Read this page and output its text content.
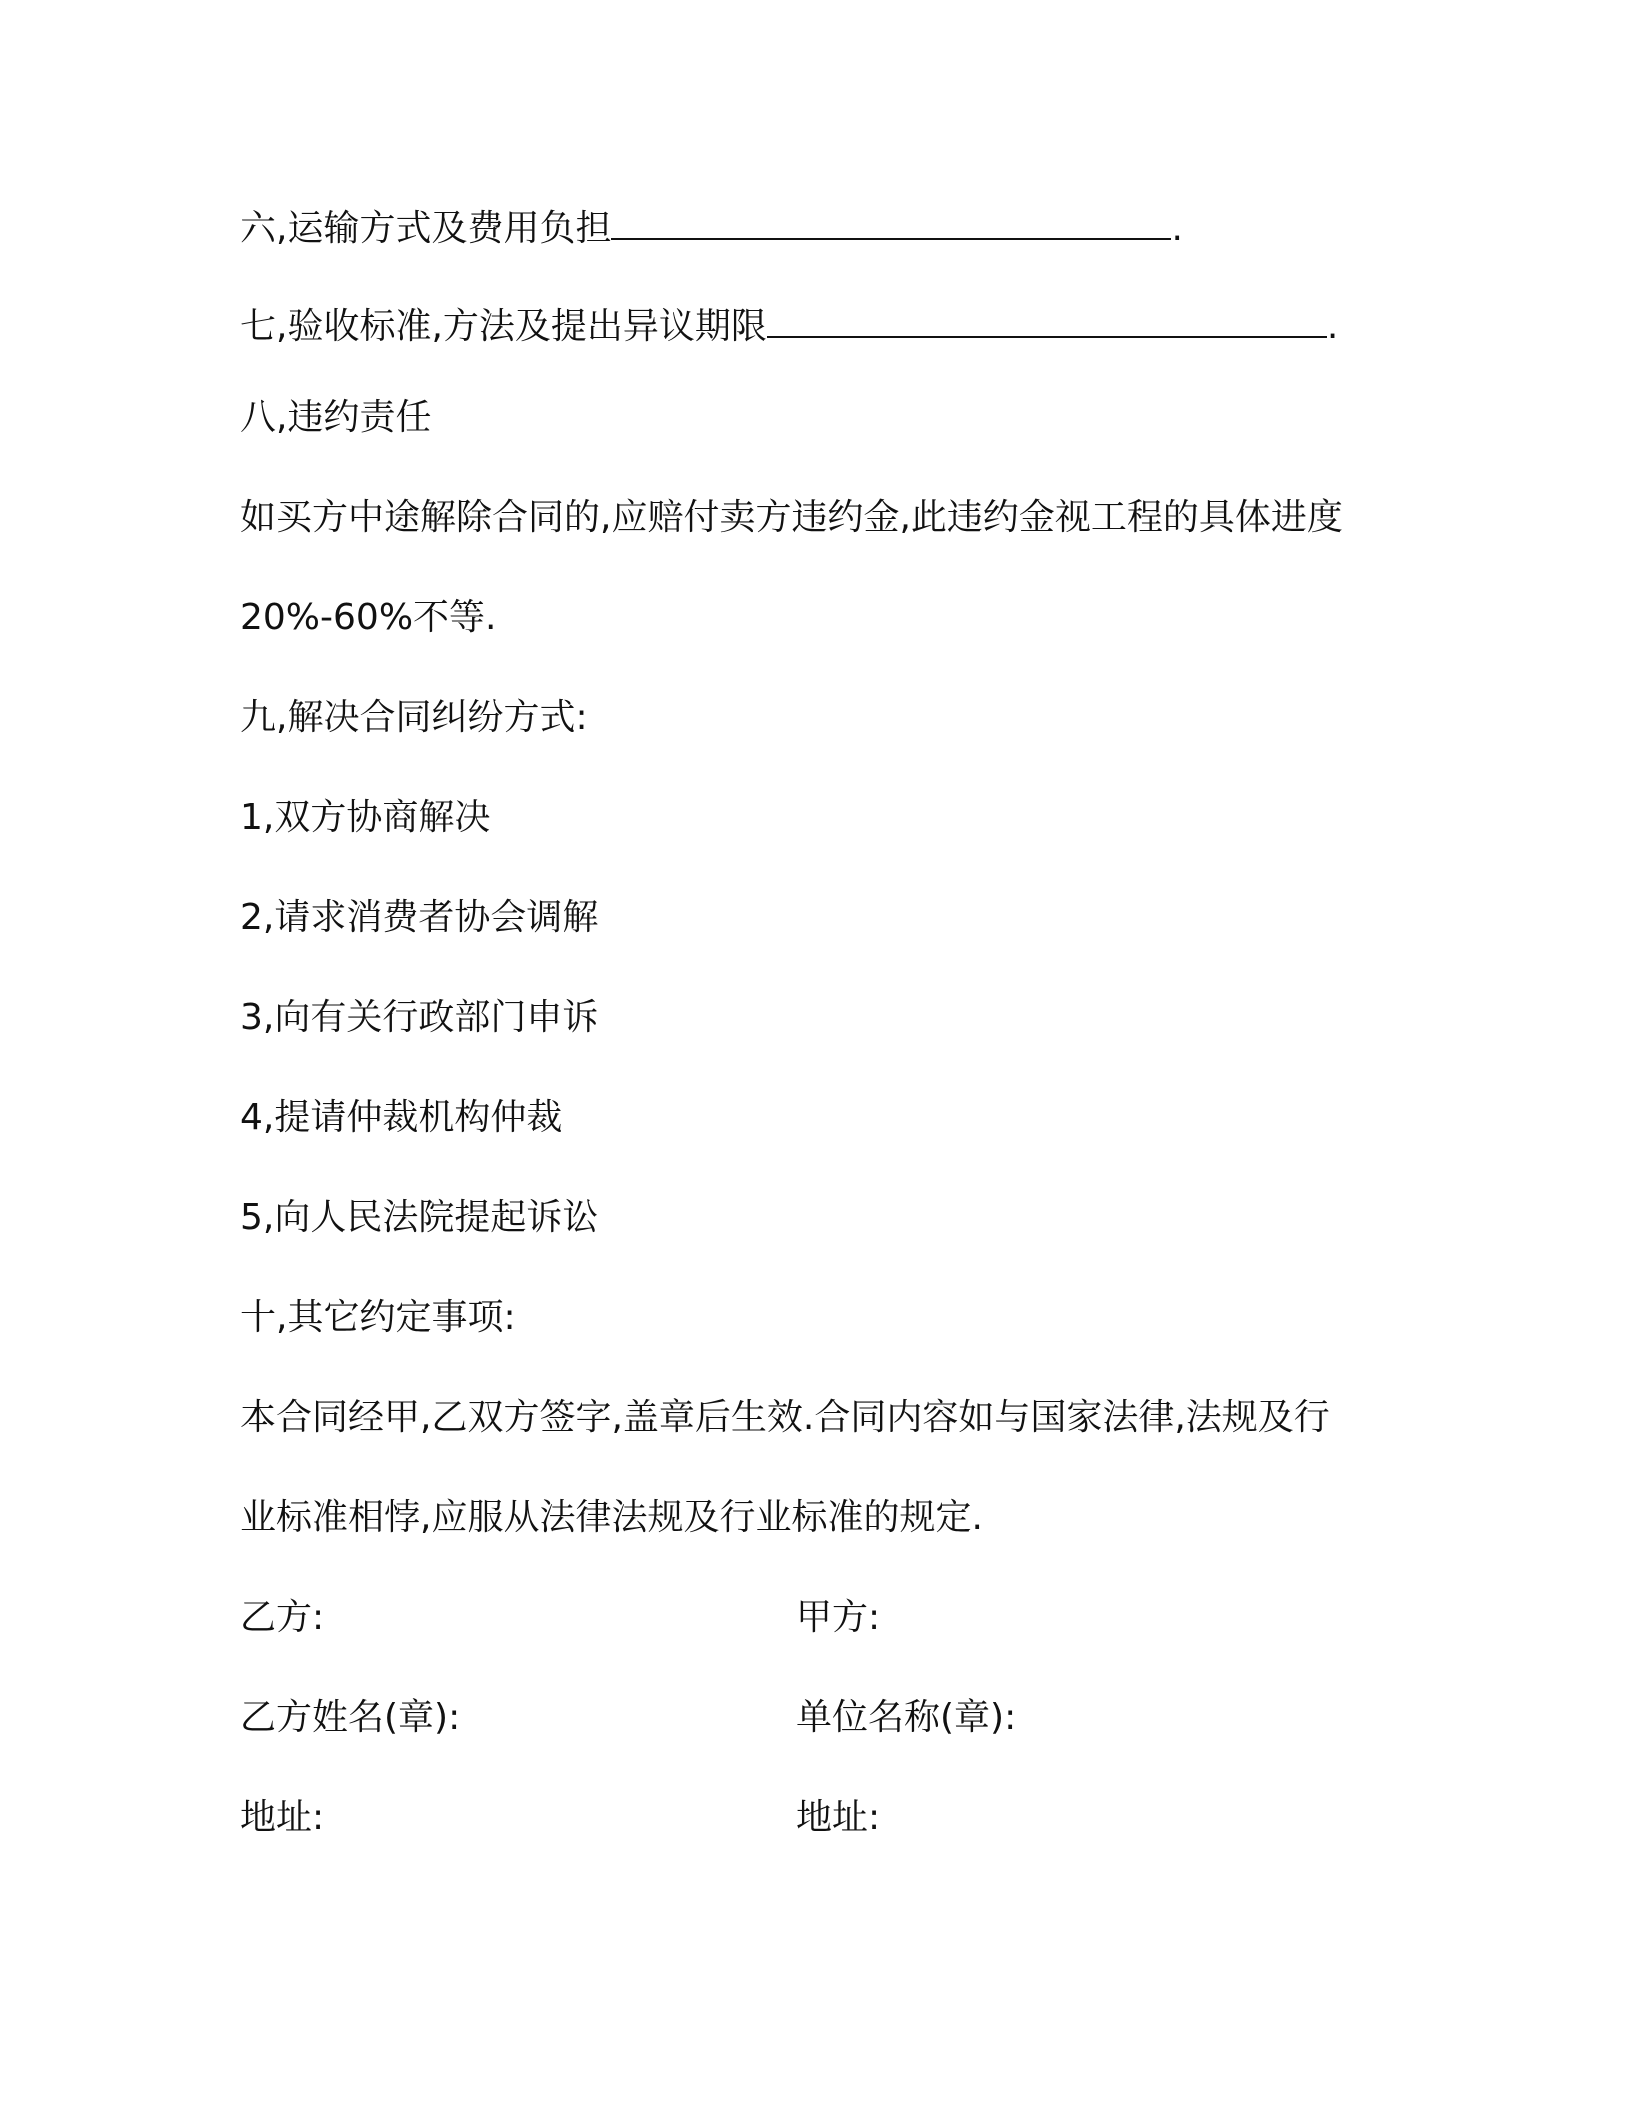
六,运输方式及费用负担	.
七,验收标准,方法及提出异议期限	.
八,违约责任
如买方中途解除合同的,应赔付卖方违约金,此违约金视工程的具体进度
20%-60%不等.
九,解决合同纠纷方式:
1,双方协商解决
2,请求消费者协会调解
3,向有关行政部门申诉
4,提请仲裁机构仲裁
5,向人民法院提起诉讼
十,其它约定事项:
本合同经甲,乙双方签字,盖章后生效.合同内容如与国家法律,法规及行
业标准相悖,应服从法律法规及行业标准的规定.
乙方:	甲方:
乙方姓名(章):	单位名称(章):
地址:	地址:
